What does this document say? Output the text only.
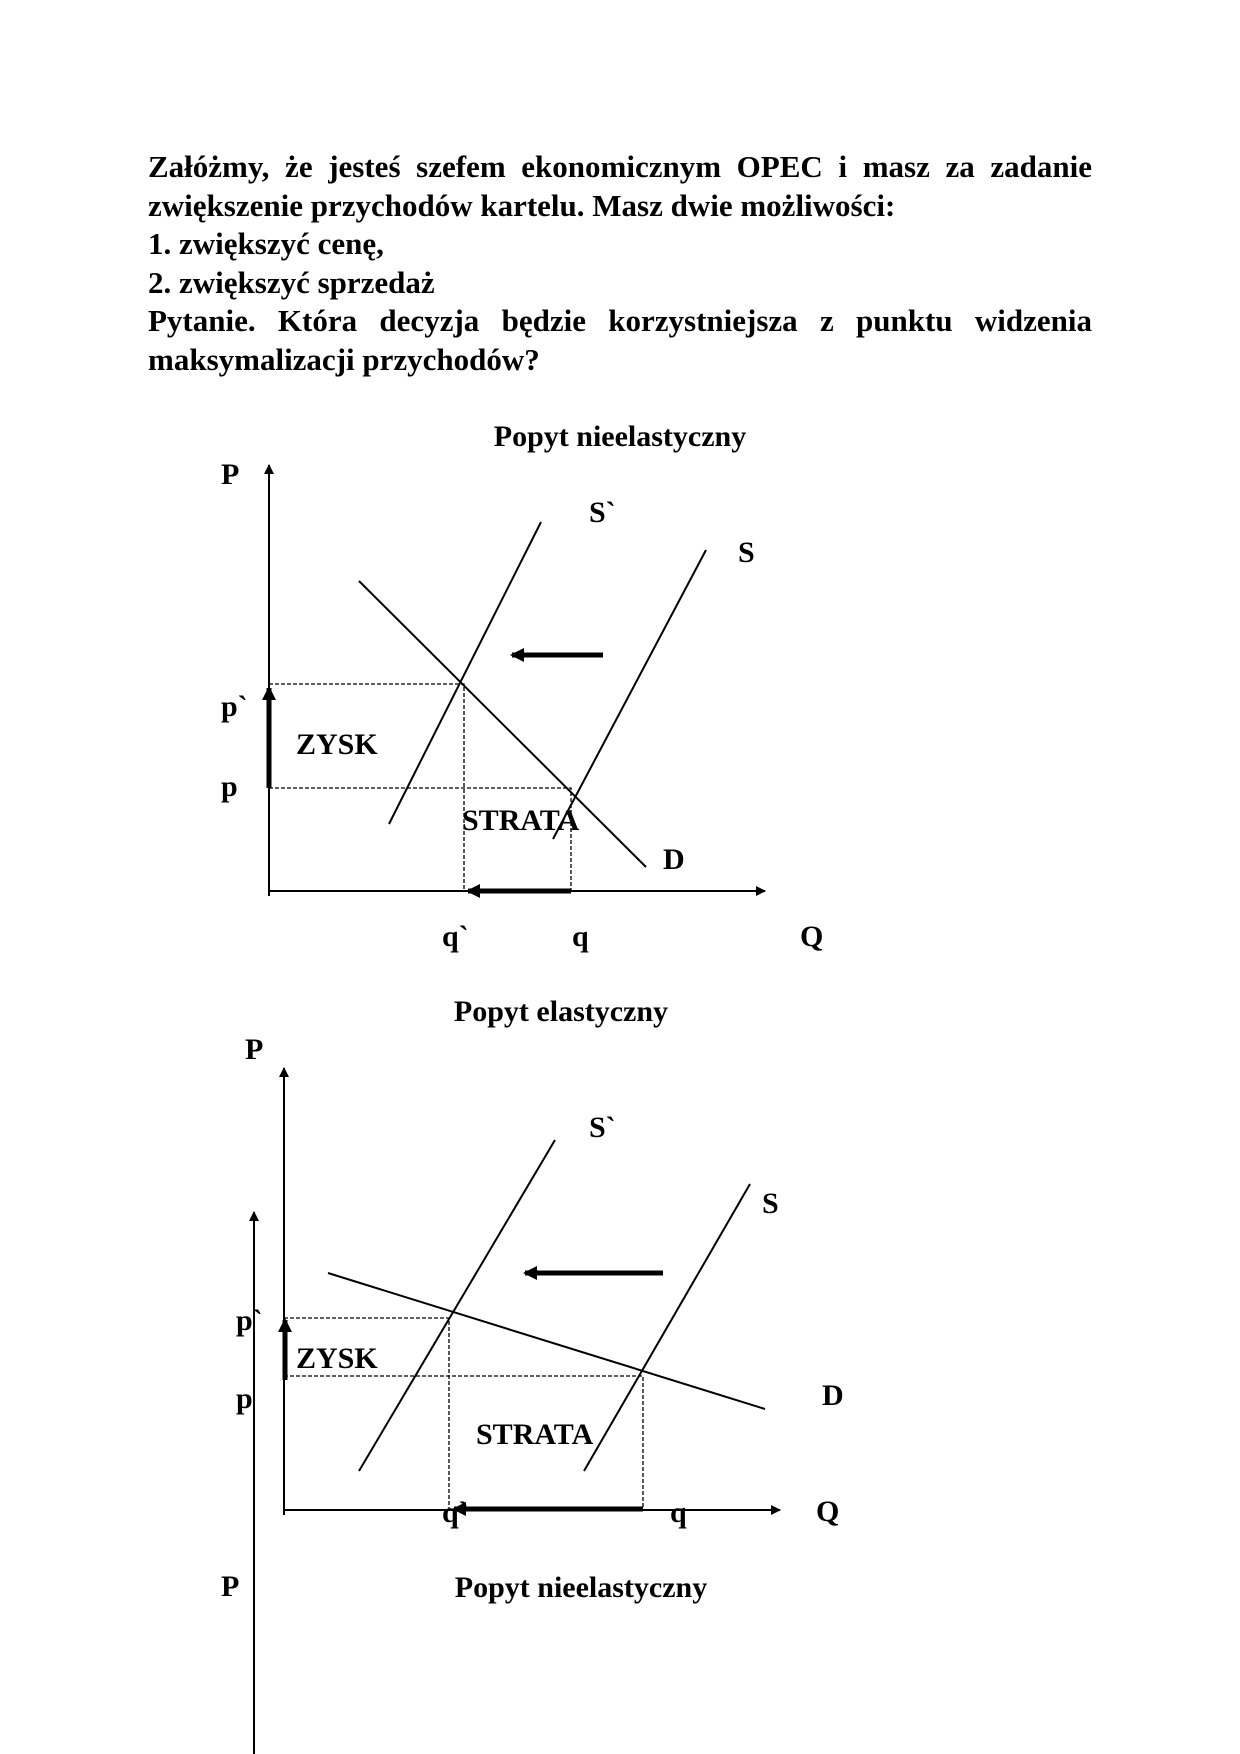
Załóżmy, że jesteś szefem ekonomicznym OPEC i masz za zadanie

zwiększenie przychodów kartelu. Masz dwie możliwości:

1. zwiększyć cenę,

2. zwiększyć sprzedaż

Pytanie. Która decyzja będzie korzystniejsza z punktu widzenia

maksymalizacji przychodów?

Popyt nieelastyczny
P
Q
S`
S
D
p`
p
q`	q
ZYSK
STRATA
Popyt elastyczny
P
Q
S`
S
D
p`
p
q`	q
ZYSK
STRATA
P	Popyt nieelastyczny
